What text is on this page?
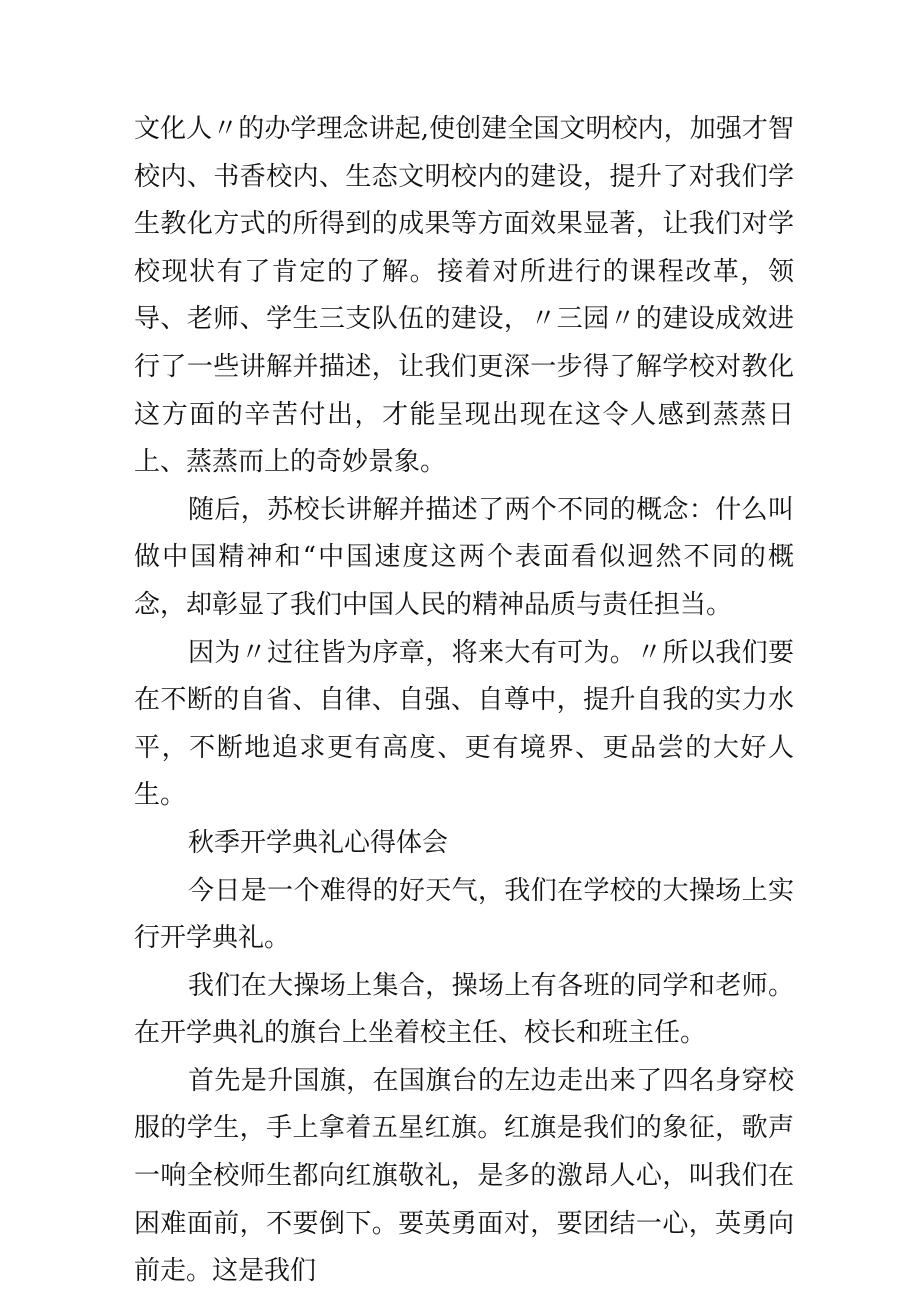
文化人〃的办学理念讲起,使创建全国文明校内，加强才智校内、书香校内、生态文明校内的建设，提升了对我们学生教化方式的所得到的成果等方面效果显著，让我们对学校现状有了肯定的了解。接着对所进行的课程改革，领导、老师、学生三支队伍的建设，〃三园〃的建设成效进行了一些讲解并描述，让我们更深一步得了解学校对教化这方面的辛苦付出，才能呈现出现在这令人感到蒸蒸日上、蒸蒸而上的奇妙景象。

随后，苏校长讲解并描述了两个不同的概念：什么叫做中国精神和“中国速度这两个表面看似迥然不同的概念，却彰显了我们中国人民的精神品质与责任担当。

因为〃过往皆为序章，将来大有可为。〃所以我们要在不断的自省、自律、自强、自尊中，提升自我的实力水平，不断地追求更有高度、更有境界、更品尝的大好人生。

秋季开学典礼心得体会

今日是一个难得的好天气，我们在学校的大操场上实行开学典礼。

我们在大操场上集合，操场上有各班的同学和老师。在开学典礼的旗台上坐着校主任、校长和班主任。

首先是升国旗，在国旗台的左边走出来了四名身穿校服的学生，手上拿着五星红旗。红旗是我们的象征，歌声一响全校师生都向红旗敬礼，是多的激昂人心，叫我们在困难面前，不要倒下。要英勇面对，要团结一心，英勇向前走。这是我们
